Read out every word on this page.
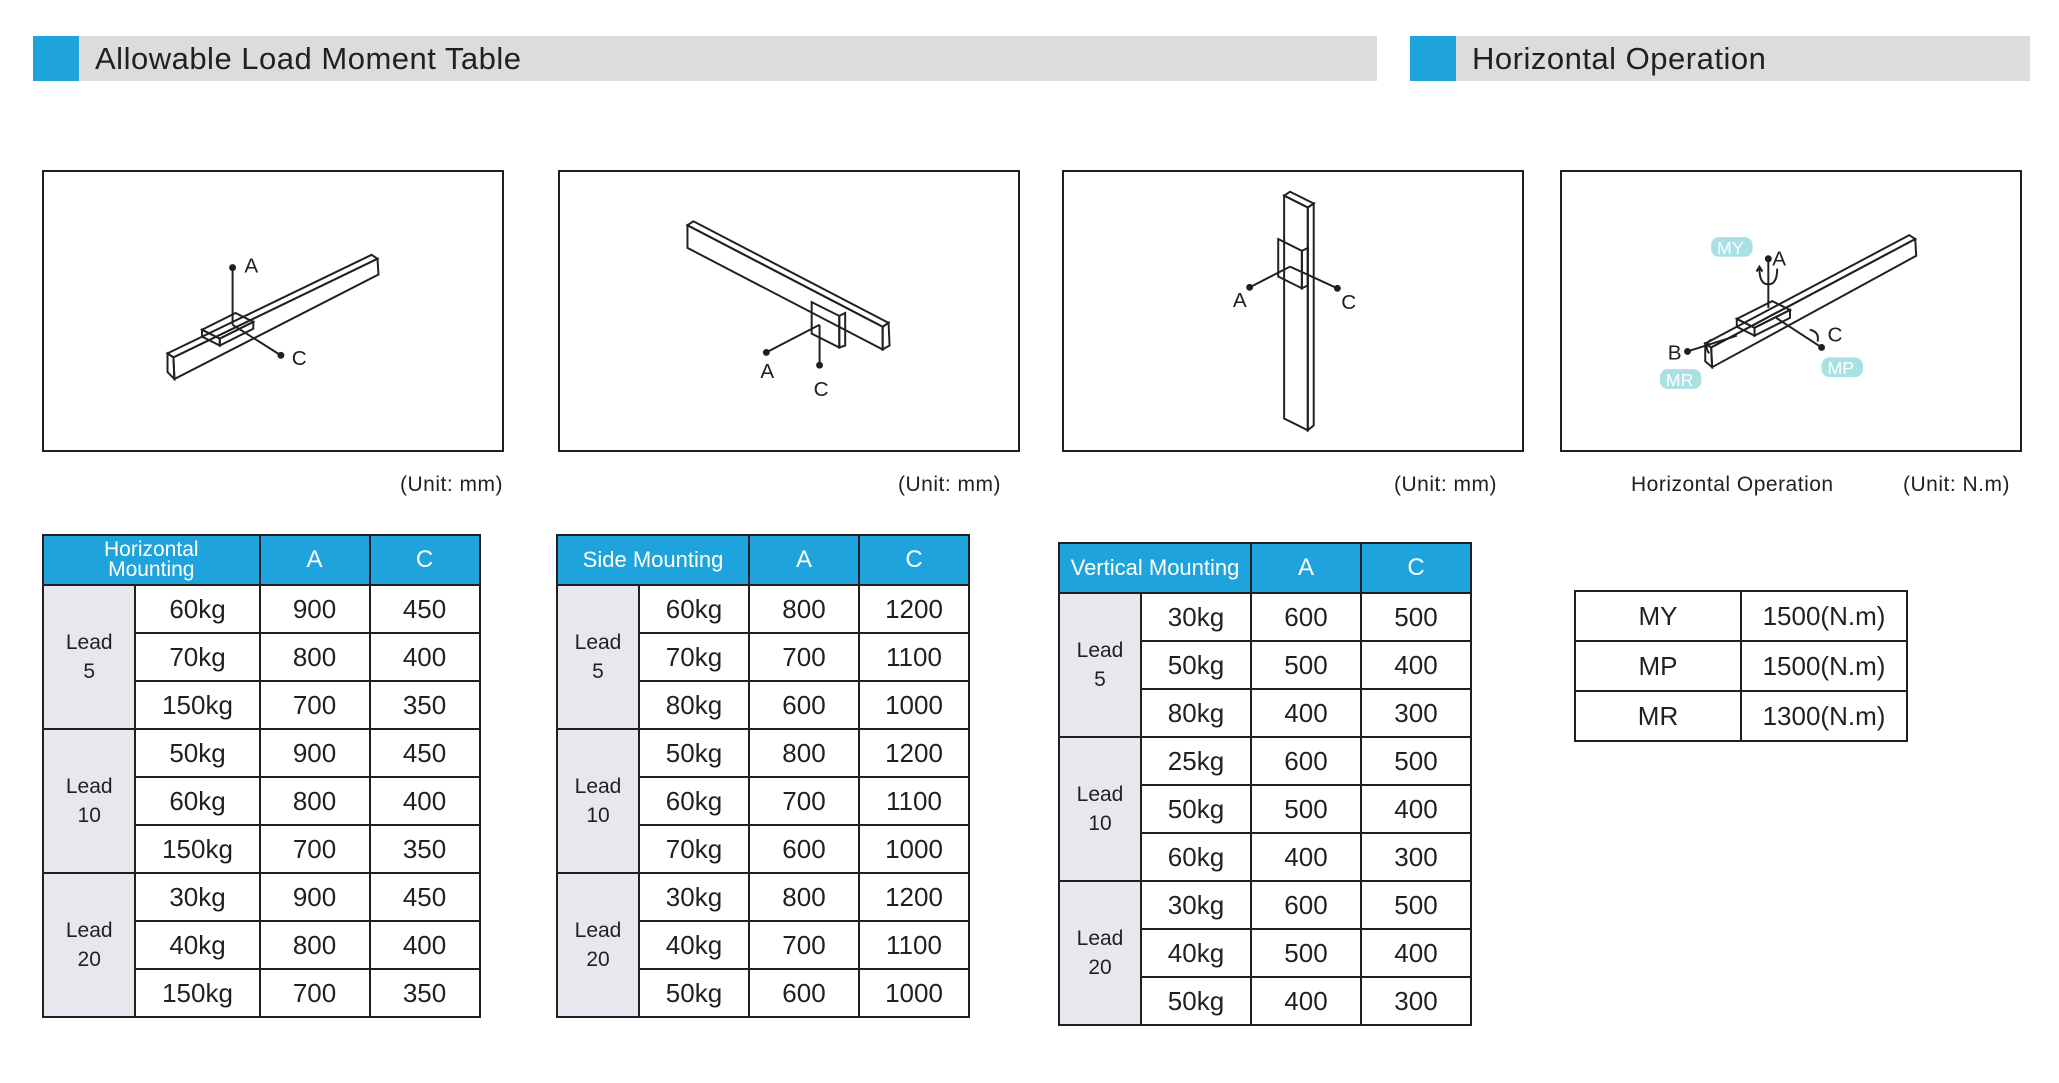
Allowable Load Moment Table	Horizontal Operation
A
C
A
C
A	C
MY A
B
MR
C
MP
(Unit: mm)	(Unit: mm)	(Unit: mm)	Horizontal Operation	(Unit: N.m)
Horizontal Mounting		A	C
Lead
5	60kg	900	450
	70kg	800	400
	150kg	700	350
Lead
10	50kg	900	450
	60kg	800	400
	150kg	700	350
Lead
20	30kg	900	450
	40kg	800	400
	150kg	700	350
Side Mounting		A	C
Lead
5	60kg	800	1200
	70kg	700	1100
	80kg	600	1000
Lead
10	50kg	800	1200
	60kg	700	1100
	70kg	600	1000
Lead
20	30kg	800	1200
	40kg	700	1100
	50kg	600	1000
Vertical Mounting		A	C
Lead
5	30kg	600	500
	50kg	500	400
	80kg	400	300
Lead
10	25kg	600	500
	50kg	500	400
	60kg	400	300
Lead
20	30kg	600	500
	40kg	500	400
	50kg	400	300
MY	1500(N.m)
MP	1500(N.m)
MR	1300(N.m)
